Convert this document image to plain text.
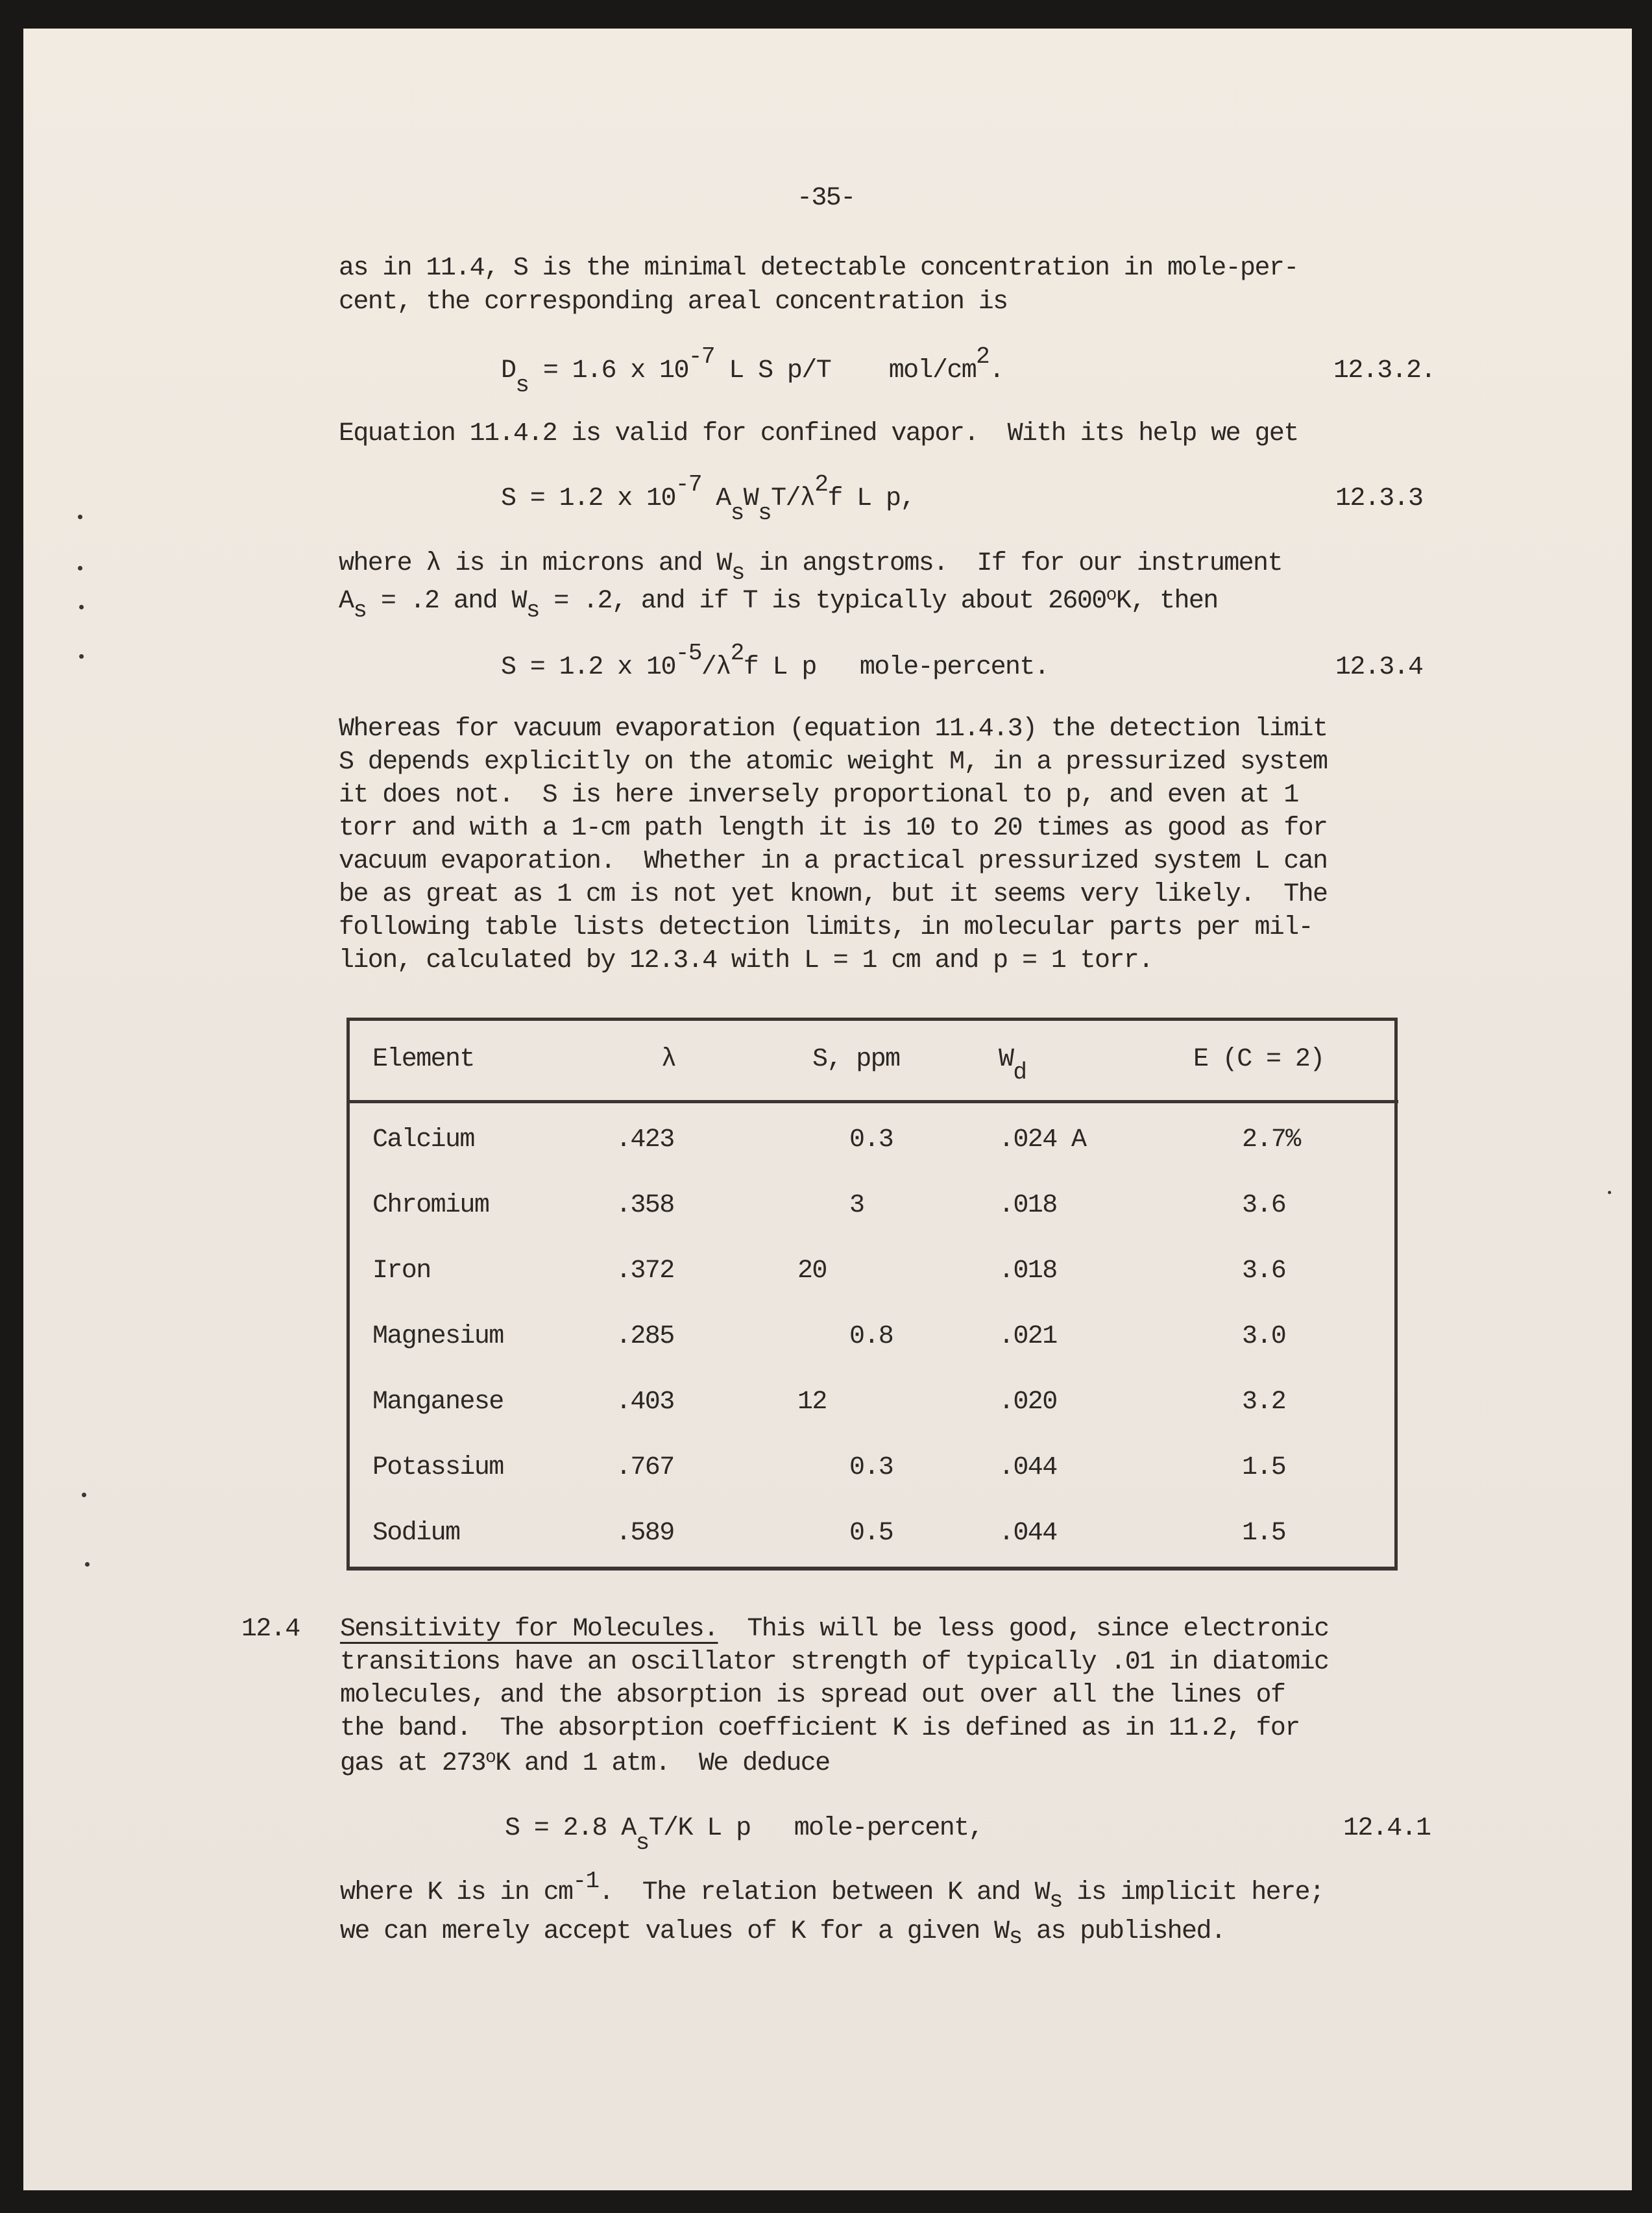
-35-
as in 11.4, S is the minimal detectable concentration in mole-per-
cent, the corresponding areal concentration is
Ds = 1.6 x 10-7 L S p/T    mol/cm2.	12.3.2.
Equation 11.4.2 is valid for confined vapor.  With its help we get
S = 1.2 x 10-7 AsWsT/λ2f L p,	12.3.3
where λ is in microns and Ws in angstroms.  If for our instrument
As = .2 and Ws = .2, and if T is typically about 2600$^o$K, then
S = 1.2 x 10-5/λ2f L p   mole-percent.	12.3.4
Whereas for vacuum evaporation (equation 11.4.3) the detection limit
S depends explicitly on the atomic weight M, in a pressurized system
it does not.  S is here inversely proportional to p, and even at 1
torr and with a 1-cm path length it is 10 to 20 times as good as for
vacuum evaporation.  Whether in a practical pressurized system L can
be as great as 1 cm is not yet known, but it seems very likely.  The
following table lists detection limits, in molecular parts per mil-
lion, calculated by 12.3.4 with L = 1 cm and p = 1 torr.
Element	λ	S, ppm	Wd	E (C = 2)
Calcium	.423	0.3	.024 A	2.7%
Chromium	.358	3	.018	3.6
Iron	.372	20	.018	3.6
Magnesium	.285	0.8	.021	3.0
Manganese	.403	12	.020	3.2
Potassium	.767	0.3	.044	1.5
Sodium	.589	0.5	.044	1.5
12.4 Sensitivity for Molecules.  This will be less good, since electronic
transitions have an oscillator strength of typically .01 in diatomic
molecules, and the absorption is spread out over all the lines of
the band.  The absorption coefficient K is defined as in 11.2, for
gas at 273$^o$K and 1 atm.  We deduce
S = 2.8 AsT/K L p   mole-percent,	12.4.1
where K is in cm-1.  The relation between K and Ws is implicit here;
we can merely accept values of K for a given Ws as published.
